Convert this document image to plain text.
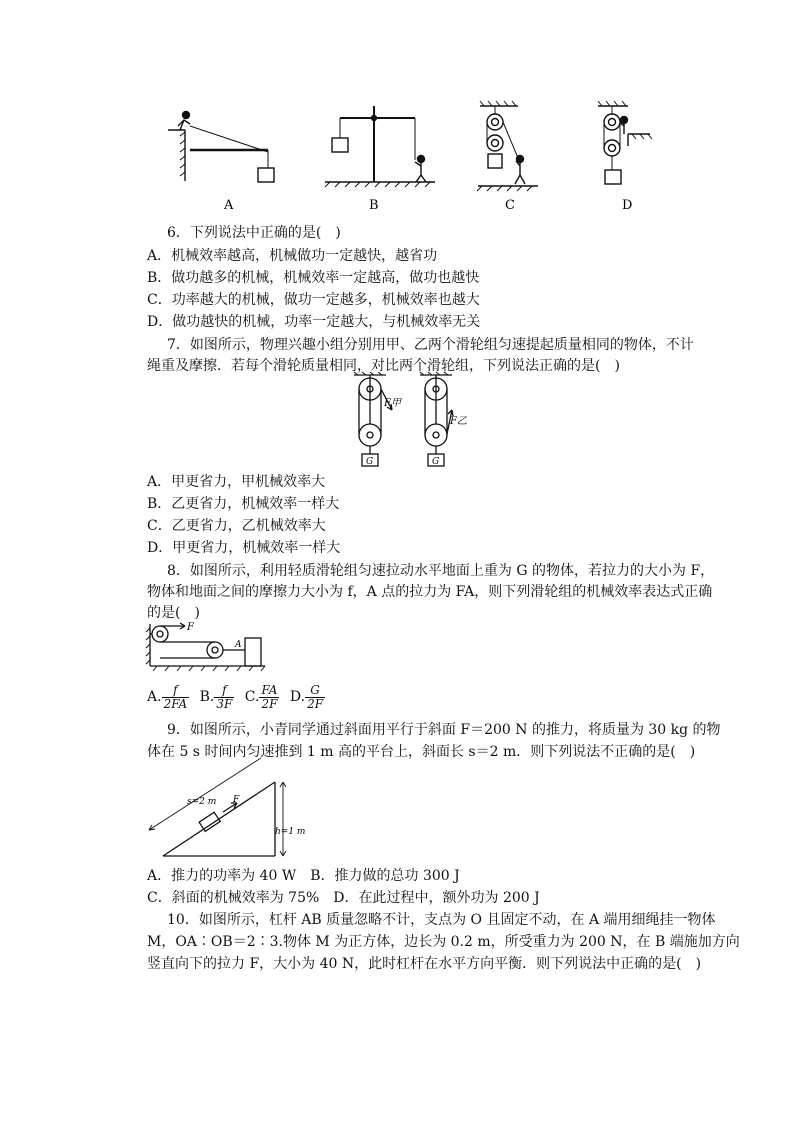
A	B	C	D
6．下列说法中正确的是(　)
A．机械效率越高，机械做功一定越快，越省功
B．做功越多的机械，机械效率一定越高，做功也越快
C．功率越大的机械，做功一定越多，机械效率也越大
D．做功越快的机械，功率一定越大，与机械效率无关
7．如图所示，物理兴趣小组分别用甲、乙两个滑轮组匀速提起质量相同的物体，不计
绳重及摩擦．若每个滑轮质量相同，对比两个滑轮组，下列说法正确的是(　)
F甲
F乙
G	G
A．甲更省力，甲机械效率大
B．乙更省力，机械效率一样大
C．乙更省力，乙机械效率大
D．甲更省力，机械效率一样大
8．如图所示，利用轻质滑轮组匀速拉动水平地面上重为 G 的物体，若拉力的大小为 F，
物体和地面之间的摩擦力大小为 f，A 点的拉力为 FA，则下列滑轮组的机械效率表达式正确
的是(　)
F
A
A. $\frac{f}{2FA} B$. $\frac{f}{3F} C$. $\frac{FA}{2F} D$. $\frac{G}{2F}$
9．如图所示，小青同学通过斜面用平行于斜面 F＝200 N 的推力，将质量为 30 kg 的物
体在 5 s 时间内匀速推到 1 m 高的平台上，斜面长 s＝2 m．则下列说法不正确的是(　)
s=2 m
h=1 m
F
A．推力的功率为 40 W　B．推力做的总功 300 J
C．斜面的机械效率为 75%　D．在此过程中，额外功为 200 J
10．如图所示，杠杆 AB 质量忽略不计，支点为 O 且固定不动，在 A 端用细绳挂一物体
M，OA∶OB＝2∶3.物体 M 为正方体，边长为 0.2 m，所受重力为 200 N，在 B 端施加方向
竖直向下的拉力 F，大小为 40 N，此时杠杆在水平方向平衡．则下列说法中正确的是(　)
